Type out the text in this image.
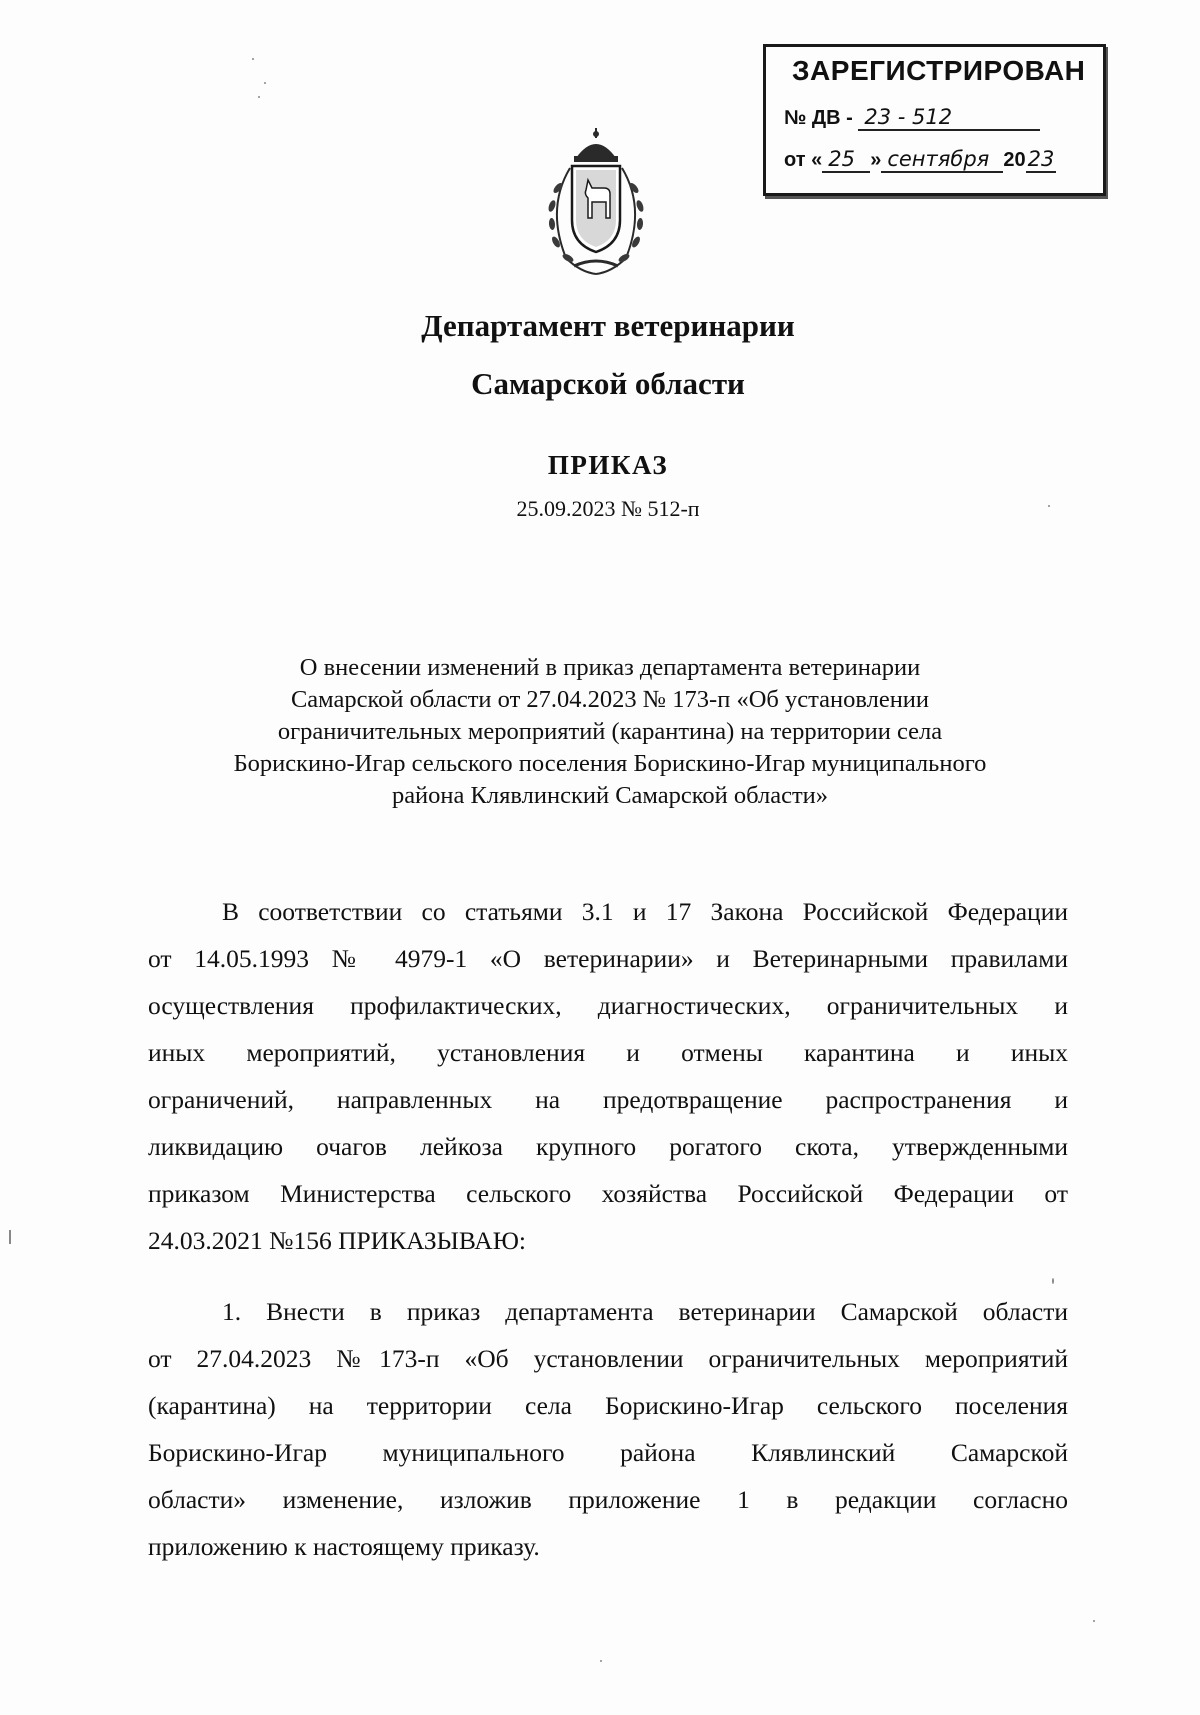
ЗАРЕГИСТРИРОВАН
№ ДВ - 23 - 512
от « 25 » сентября 2023
Департамент ветеринарии
Самарской области
ПРИКАЗ
25.09.2023 № 512-п
О внесении изменений в приказ департамента ветеринарии
Самарской области от 27.04.2023 № 173-п «Об установлении
ограничительных мероприятий (карантина) на территории села
Борискино-Игар сельского поселения Борискино-Игар муниципального
района Клявлинский Самарской области»
В соответствии со статьями 3.1 и 17 Закона Российской Федерации
от 14.05.1993 № 4979-1 «О ветеринарии» и Ветеринарными правилами
осуществления профилактических, диагностических, ограничительных и
иных мероприятий, установления и отмены карантина и иных
ограничений, направленных на предотвращение распространения и
ликвидацию очагов лейкоза крупного рогатого скота, утвержденными
приказом Министерства сельского хозяйства Российской Федерации от
24.03.2021 №156 ПРИКАЗЫВАЮ:
1. Внести в приказ департамента ветеринарии Самарской области
от 27.04.2023 №173-п «Об установлении ограничительных мероприятий
(карантина) на территории села Борискино-Игар сельского поселения
Борискино-Игар муниципального района Клявлинский Самарской
области» изменение, изложив приложение 1 в редакции согласно
приложению к настоящему приказу.
